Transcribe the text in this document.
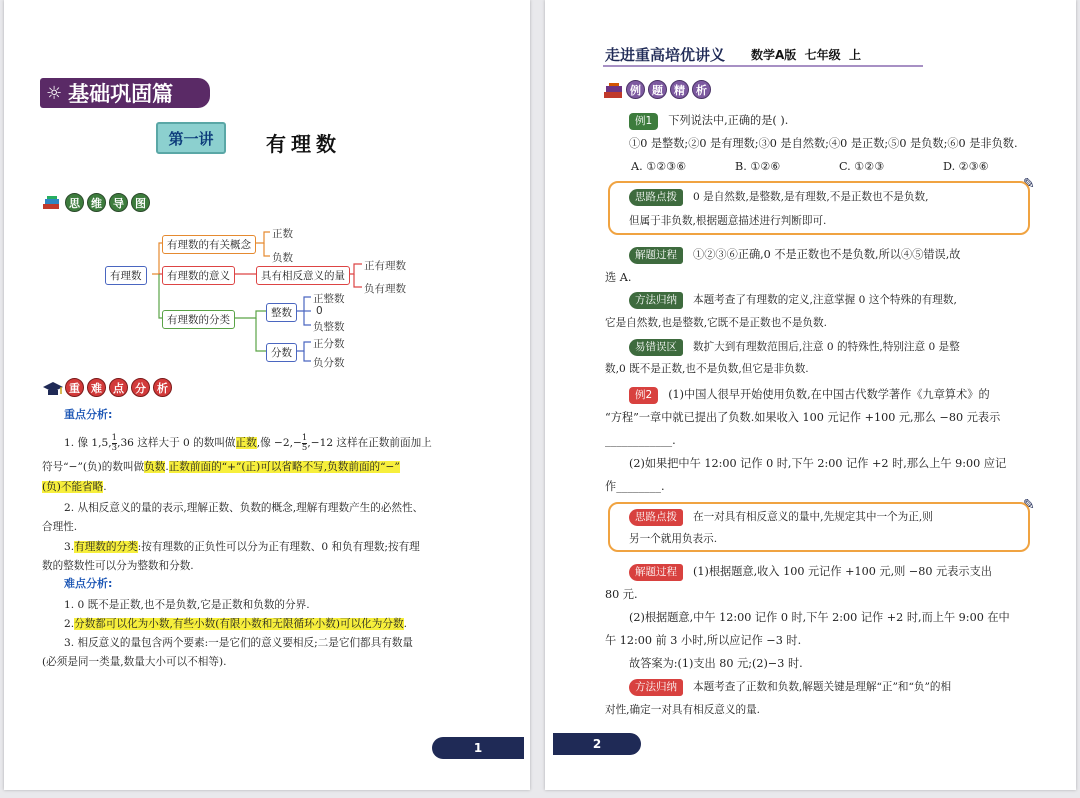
☼ 基础巩固篇
第一讲	有理数
思	维	导	图
有理数
有理数的有关概念
正数
负数
有理数的意义	具有相反意义的量
正有理数
负有理数
有理数的分类
整数
正整数
0
负整数
分数
正分数
负分数
重	难	点	分	析
重点分析:
1. 像 1,5, $\frac{1}{3} ,36$ 这样大于 0 的数叫做正数,像 $-2,- \frac{1}{5} ,-12$ 这样在正数前面加上
符号“−”(负)的数叫做负数.正数前面的“+”(正)可以省略不写,负数前面的“−”
(负)不能省略.
2. 从相反意义的量的表示,理解正数、负数的概念,理解有理数产生的必然性、
合理性.
3.有理数的分类:按有理数的正负性可以分为正有理数、0 和负有理数;按有理
数的整数性可以分为整数和分数.
难点分析:
1. 0 既不是正数,也不是负数,它是正数和负数的分界.
2.分数都可以化为小数,有些小数(有限小数和无限循环小数)可以化为分数.
3. 相反意义的量包含两个要素:一是它们的意义要相反;二是它们都具有数量
(必须是同一类量,数量大小可以不相等).
1
走进重高培优讲义 数学A版  七年级  上
例	题	精	析
例1 下列说法中,正确的是( ).
①0 是整数;②0 是有理数;③0 是自然数;④0 是正数;⑤0 是负数;⑥0 是非负数.
A. ①②③⑥	B. ①②⑥	C. ①②③	D. ②③⑥
✎
思路点拨 0 是自然数,是整数,是有理数,不是正数也不是负数,
但属于非负数,根据题意描述进行判断即可.
解题过程 ①②③⑥正确,0 不是正数也不是负数,所以④⑤错误,故
选 A.
方法归纳 本题考查了有理数的定义,注意掌握 0 这个特殊的有理数,
它是自然数,也是整数,它既不是正数也不是负数.
易错误区 数扩大到有理数范围后,注意 0 的特殊性,特别注意 0 是整
数,0 既不是正数,也不是负数,但它是非负数.
例2 (1)中国人很早开始使用负数,在中国古代数学著作《九章算术》的
“方程”一章中就已提出了负数.如果收入 100 元记作 +100 元,那么 −80 元表示
____________.
(2)如果把中午 12:00 记作 0 时,下午 2:00 记作 +2 时,那么上午 9:00 应记
作________.
✎
思路点拨 在一对具有相反意义的量中,先规定其中一个为正,则
另一个就用负表示.
解题过程 (1)根据题意,收入 100 元记作 +100 元,则 −80 元表示支出
80 元.
(2)根据题意,中午 12:00 记作 0 时,下午 2:00 记作 +2 时,而上午 9:00 在中
午 12:00 前 3 小时,所以应记作 −3 时.
故答案为:(1)支出 80 元;(2)−3 时.
方法归纳 本题考查了正数和负数,解题关键是理解“正”和“负”的相
对性,确定一对具有相反意义的量.
2
